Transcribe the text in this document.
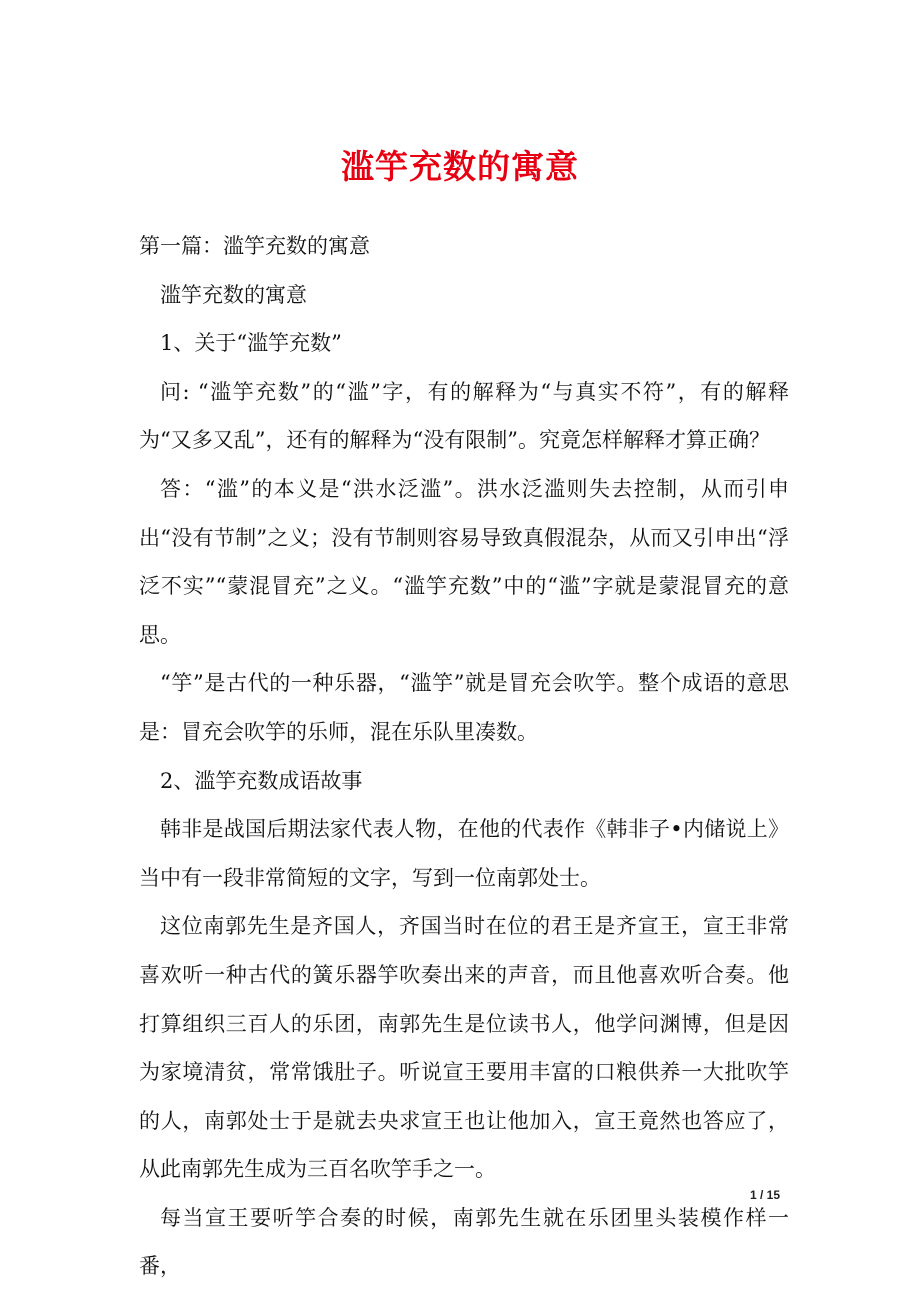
滥竽充数的寓意

第一篇：滥竽充数的寓意

滥竽充数的寓意

1、关于“滥竽充数”

问: “滥竽充数”的“滥”字，有的解释为“与真实不符”，有的解释为“又多又乱”，还有的解释为“没有限制”。究竟怎样解释才算正确？

答：“滥”的本义是“洪水泛滥”。洪水泛滥则失去控制，从而引申出“没有节制”之义；没有节制则容易导致真假混杂，从而又引申出“浮泛不实”“蒙混冒充”之义。“滥竽充数”中的“滥”字就是蒙混冒充的意思。

“竽”是古代的一种乐器，“滥竽”就是冒充会吹竽。整个成语的意思是：冒充会吹竽的乐师，混在乐队里凑数。

2、滥竽充数成语故事

韩非是战国后期法家代表人物，在他的代表作《韩非子•内储说上》当中有一段非常简短的文字，写到一位南郭处士。

这位南郭先生是齐国人，齐国当时在位的君王是齐宣王，宣王非常喜欢听一种古代的簧乐器竽吹奏出来的声音，而且他喜欢听合奏。他打算组织三百人的乐团，南郭先生是位读书人，他学问渊博，但是因为家境清贫，常常饿肚子。听说宣王要用丰富的口粮供养一大批吹竽的人，南郭处士于是就去央求宣王也让他加入，宣王竟然也答应了，从此南郭先生成为三百名吹竽手之一。

每当宣王要听竽合奏的时候，南郭先生就在乐团里头装模作样一番，

1 / 15
